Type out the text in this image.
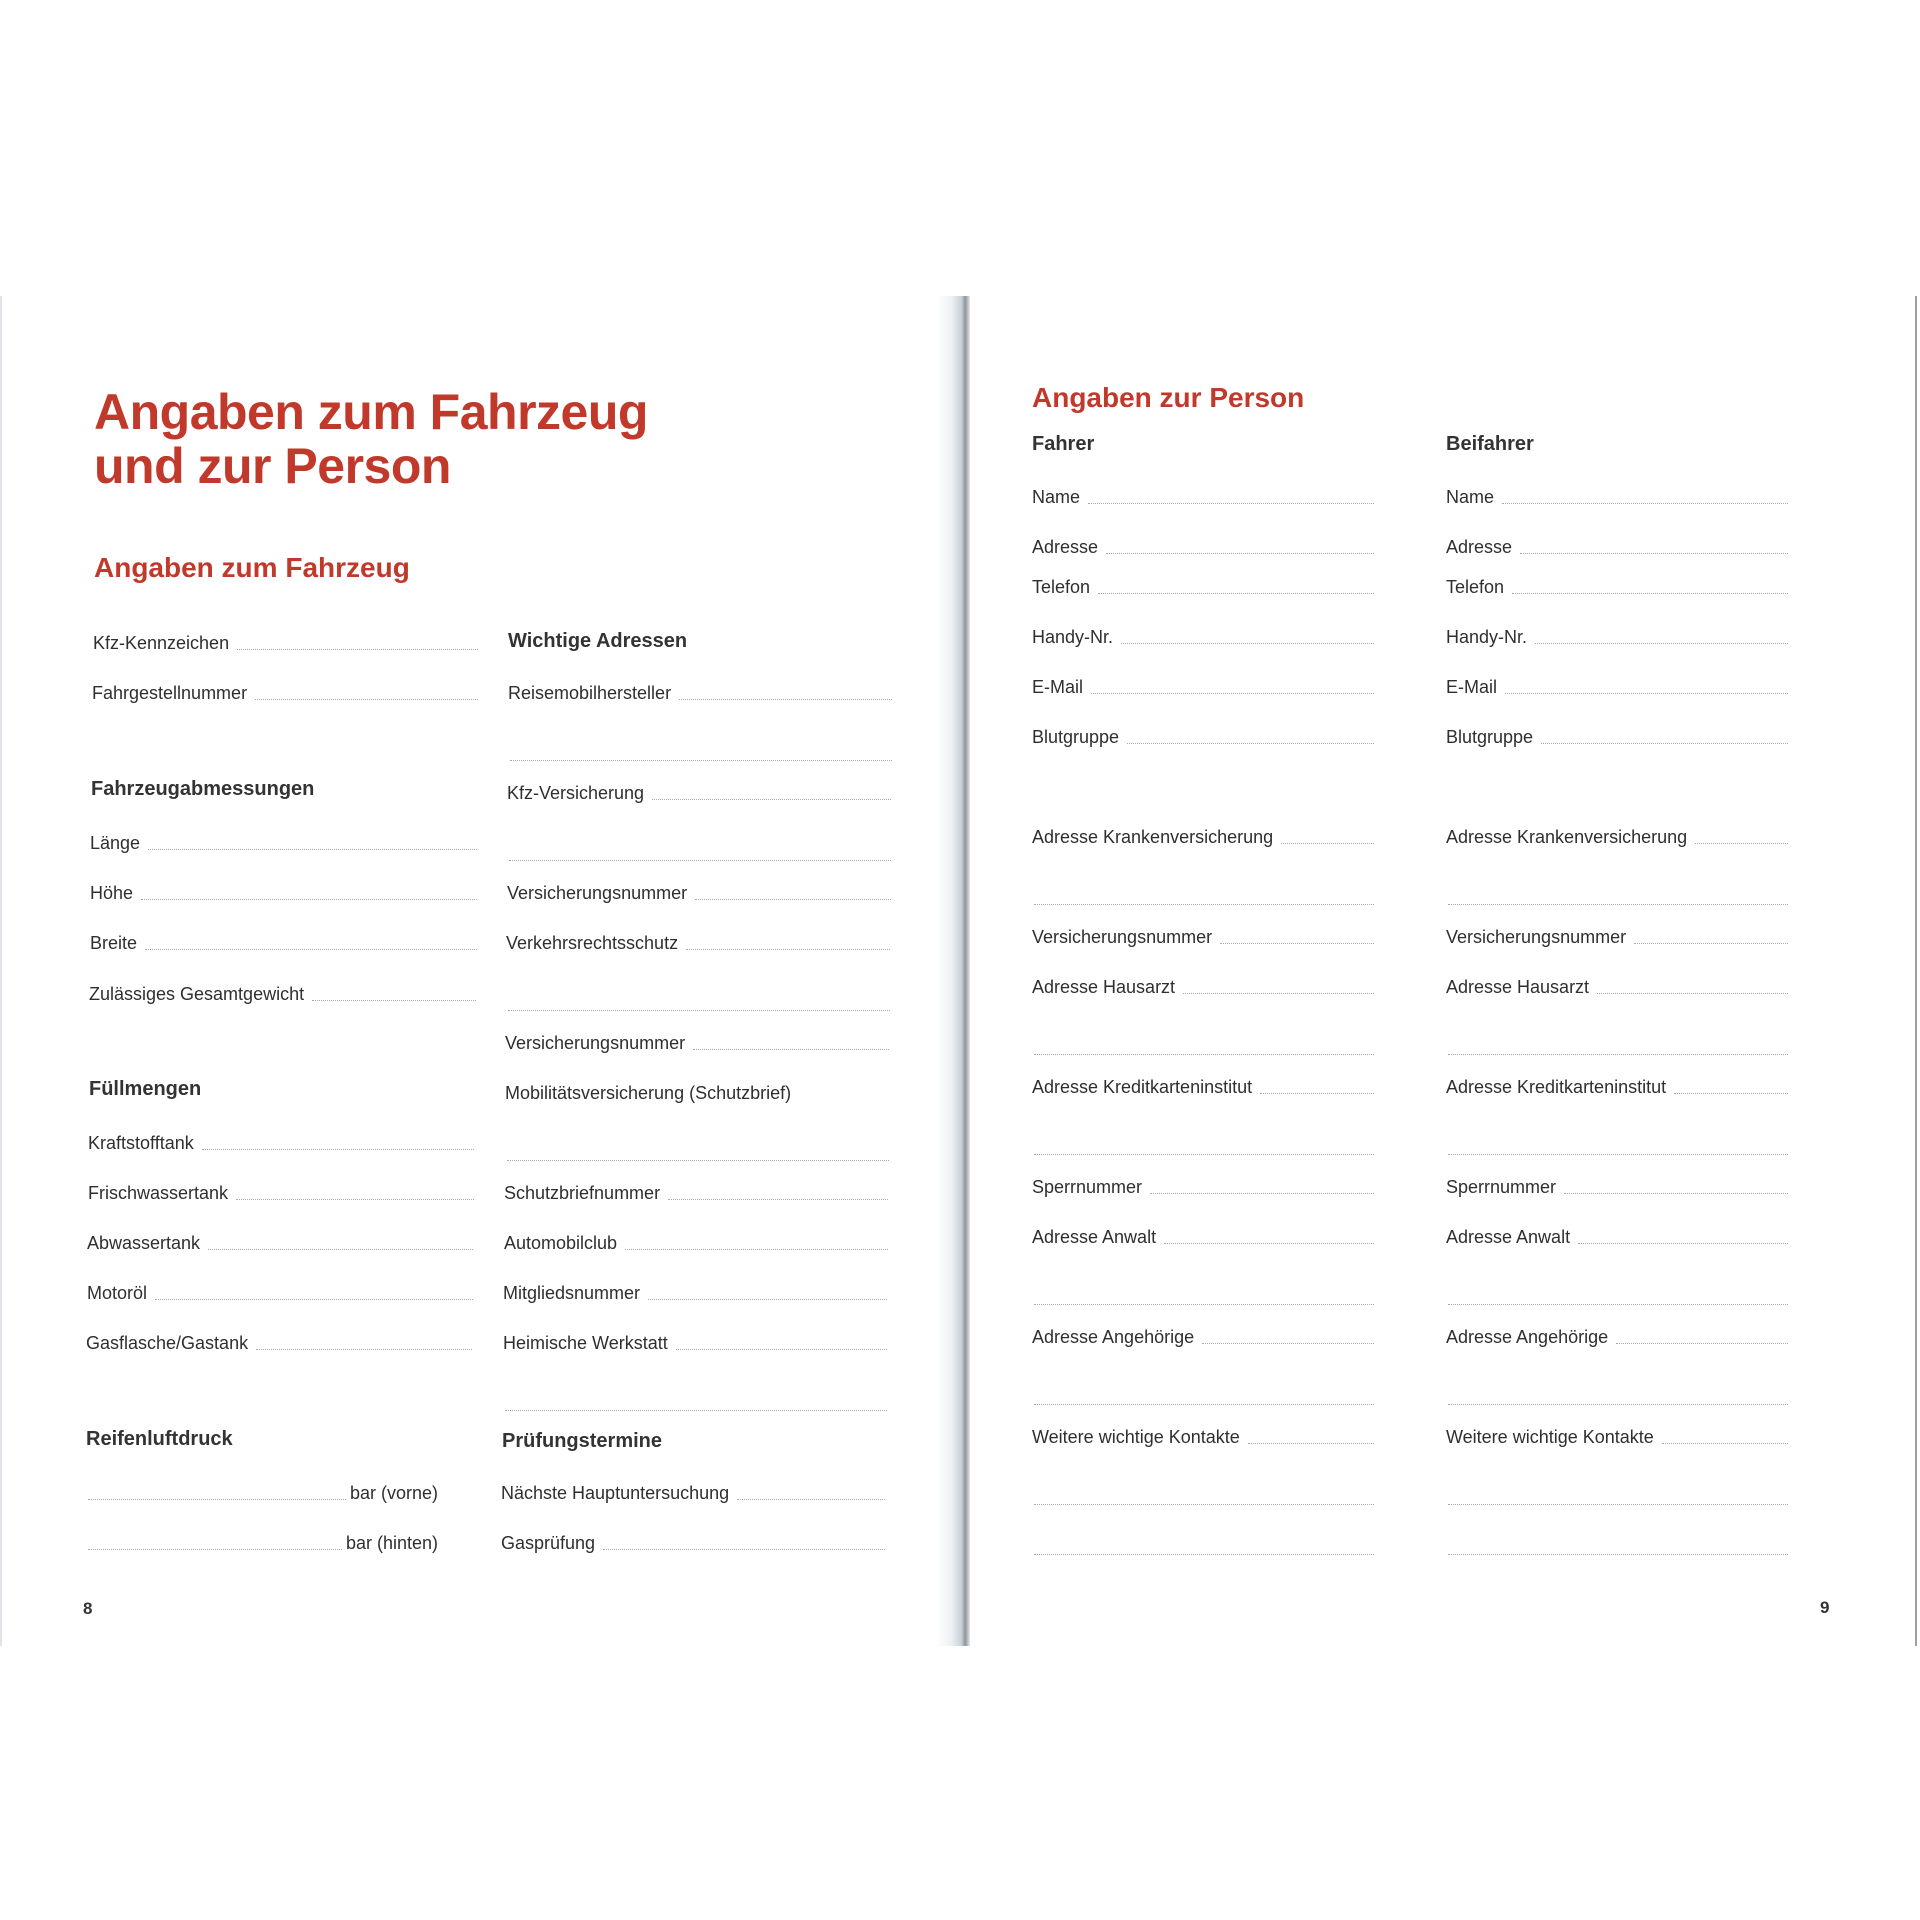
Angaben zum Fahrzeug
und zur Person
Angaben zum Fahrzeug
Kfz-Kennzeichen
Fahrgestellnummer
Fahrzeugabmessungen
Länge
Höhe
Breite
Zulässiges Gesamtgewicht
Füllmengen
Kraftstofftank
Frischwassertank
Abwassertank
Motoröl
Gasflasche/Gastank
Reifenluftdruck
bar (vorne)
bar (hinten)
Wichtige Adressen
Reisemobilhersteller
Kfz-Versicherung
Versicherungsnummer
Verkehrsrechtsschutz
Versicherungsnummer
Mobilitätsversicherung (Schutzbrief)
Schutzbriefnummer
Automobilclub
Mitgliedsnummer
Heimische Werkstatt
Prüfungstermine
Nächste Hauptuntersuchung
Gasprüfung
8
Angaben zur Person
Fahrer	Beifahrer
Name
Adresse
Telefon
Handy-Nr.
E-Mail
Blutgruppe
Adresse Krankenversicherung
Versicherungsnummer
Adresse Hausarzt
Adresse Kreditkarteninstitut
Sperrnummer
Adresse Anwalt
Adresse Angehörige
Weitere wichtige Kontakte
Name
Adresse
Telefon
Handy-Nr.
E-Mail
Blutgruppe
Adresse Krankenversicherung
Versicherungsnummer
Adresse Hausarzt
Adresse Kreditkarteninstitut
Sperrnummer
Adresse Anwalt
Adresse Angehörige
Weitere wichtige Kontakte
9
